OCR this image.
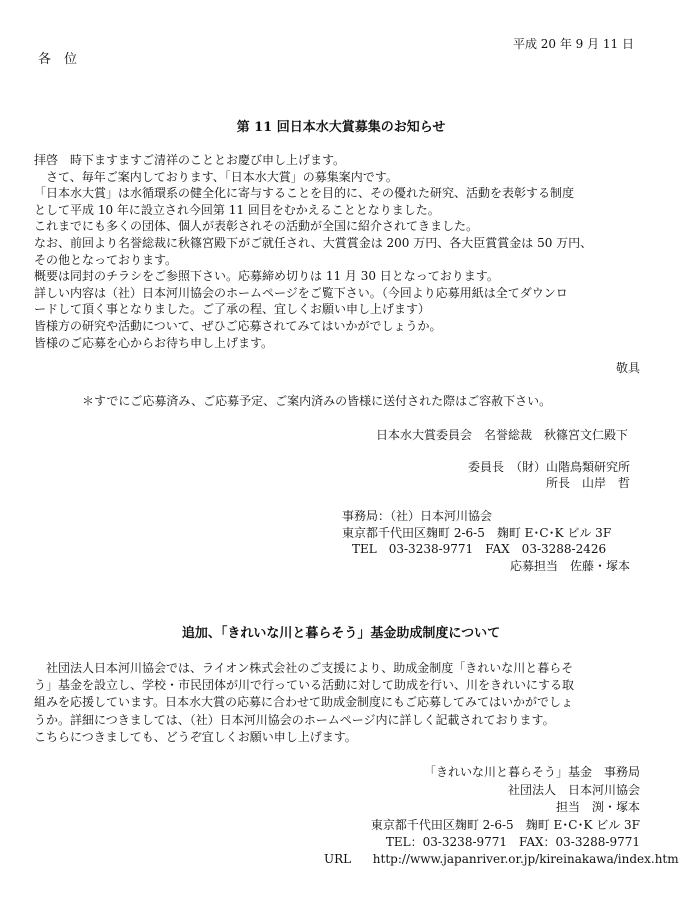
平成 20 年 9 月 11 日
各　位
第 11 回日本水大賞募集のお知らせ
拝啓　時下ますますご清祥のこととお慶び申し上げます。
　さて、毎年ご案内しております、「日本水大賞」の募集案内です。
「日本水大賞」は水循環系の健全化に寄与することを目的に、その優れた研究、活動を表彰する制度
として平成 10 年に設立され今回第 11 回目をむかえることとなりました。
これまでにも多くの団体、個人が表彰されその活動が全国に紹介されてきました。
なお、前回より名誉総裁に秋篠宮殿下がご就任され、大賞賞金は 200 万円、各大臣賞賞金は 50 万円、
その他となっております。
概要は同封のチラシをご参照下さい。応募締め切りは 11 月 30 日となっております。
詳しい内容は（社）日本河川協会のホームページをご覧下さい。（今回より応募用紙は全てダウンロ
ードして頂く事となりました。ご了承の程、宜しくお願い申し上げます）
皆様方の研究や活動について、ぜひご応募されてみてはいかがでしょうか。
皆様のご応募を心からお待ち申し上げます。
敬具
＊すでにご応募済み、ご応募予定、ご案内済みの皆様に送付された際はご容赦下さい。
日本水大賞委員会　名誉総裁　秋篠宮文仁殿下
委員長　（財）山階鳥類研究所
所長　山岸　哲
事務局：（社）日本河川協会
東京都千代田区麹町 2-6-5　麹町 E･C･K ビル 3F
TEL　03-3238-9771　FAX　03-3288-2426
応募担当　佐藤・塚本
追加、「きれいな川と暮らそう」基金助成制度について
　社団法人日本河川協会では、ライオン株式会社のご支援により、助成金制度「きれいな川と暮らそ
う」基金を設立し、学校・市民団体が川で行っている活動に対して助成を行い、川をきれいにする取
組みを応援しています。日本水大賞の応募に合わせて助成金制度にもご応募してみてはいかがでしょ
うか。詳細につきましては、（社）日本河川協会のホームページ内に詳しく記載されております。
こちらにつきましても、どうぞ宜しくお願い申し上げます。
「きれいな川と暮らそう」基金　事務局
社団法人　日本河川協会
担当　渕・塚本
東京都千代田区麹町 2-6-5　麹町 E･C･K ビル 3F
TEL：03-3238-9771　FAX：03-3288-9771
URL http://www.japanriver.or.jp/kireinakawa/index.htm
